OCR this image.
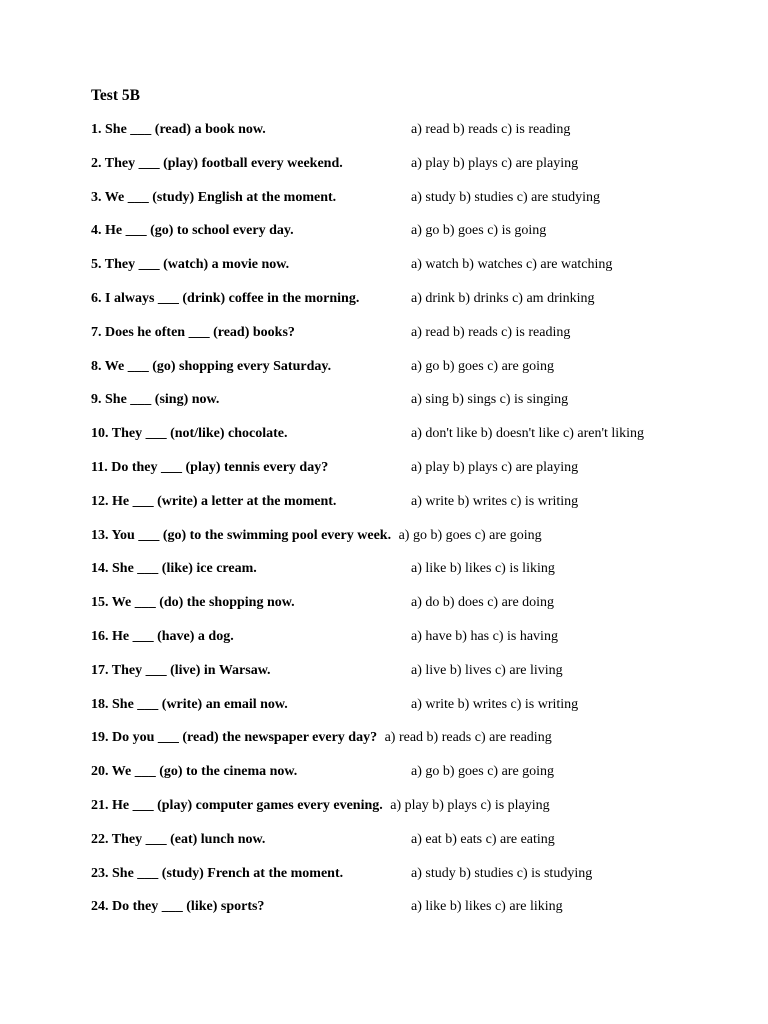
Test 5B
1. She ___ (read) a book now.	a) read b) reads c) is reading
2. They ___ (play) football every weekend.	a) play b) plays c) are playing
3. We ___ (study) English at the moment.	a) study b) studies c) are studying
4. He ___ (go) to school every day.	a) go b) goes c) is going
5. They ___ (watch) a movie now.	a) watch b) watches c) are watching
6. I always ___ (drink) coffee in the morning.	a) drink b) drinks c) am drinking
7. Does he often ___ (read) books?	a) read b) reads c) is reading
8. We ___ (go) shopping every Saturday.	a) go b) goes c) are going
9. She ___ (sing) now.	a) sing b) sings c) is singing
10. They ___ (not/like) chocolate.	a) don't like b) doesn't like c) aren't liking
11. Do they ___ (play) tennis every day?	a) play b) plays c) are playing
12. He ___ (write) a letter at the moment.	a) write b) writes c) is writing
13. You ___ (go) to the swimming pool every week. a) go b) goes c) are going
14. She ___ (like) ice cream.	a) like b) likes c) is liking
15. We ___ (do) the shopping now.	a) do b) does c) are doing
16. He ___ (have) a dog.	a) have b) has c) is having
17. They ___ (live) in Warsaw.	a) live b) lives c) are living
18. She ___ (write) an email now.	a) write b) writes c) is writing
19. Do you ___ (read) the newspaper every day? a) read b) reads c) are reading
20. We ___ (go) to the cinema now.	a) go b) goes c) are going
21. He ___ (play) computer games every evening. a) play b) plays c) is playing
22. They ___ (eat) lunch now.	a) eat b) eats c) are eating
23. She ___ (study) French at the moment.	a) study b) studies c) is studying
24. Do they ___ (like) sports?	a) like b) likes c) are liking
